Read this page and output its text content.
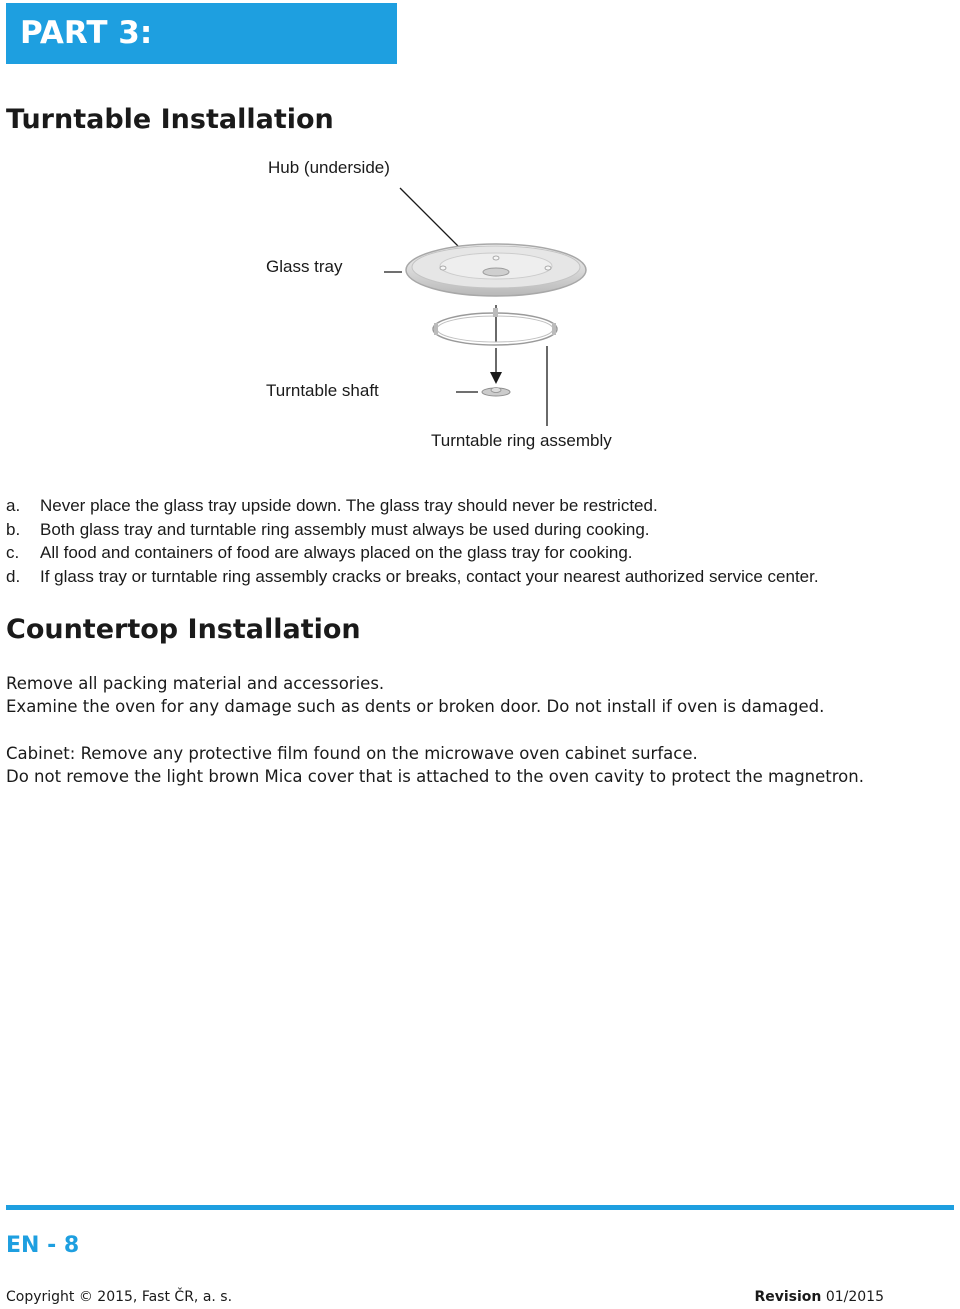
PART 3: INSTALLATION
Turntable Installation
Hub (underside)
Glass tray
Turntable shaft
Turntable ring assembly
a. Never place the glass tray upside down. The glass tray should never be restricted.
b. Both glass tray and turntable ring assembly must always be used during cooking.
c. All food and containers of food are always placed on the glass tray for cooking.
d. If glass tray or turntable ring assembly cracks or breaks, contact your nearest authorized service center.
Countertop Installation

Remove all packing material and accessories.

Examine the oven for any damage such as dents or broken door. Do not install if oven is damaged.

Cabinet: Remove any protective film found on the microwave oven cabinet surface.

Do not remove the light brown Mica cover that is attached to the oven cavity to protect the magnetron.

EN - 8
Copyright © 2015, Fast ČR, a. s.	Revision 01/2015
